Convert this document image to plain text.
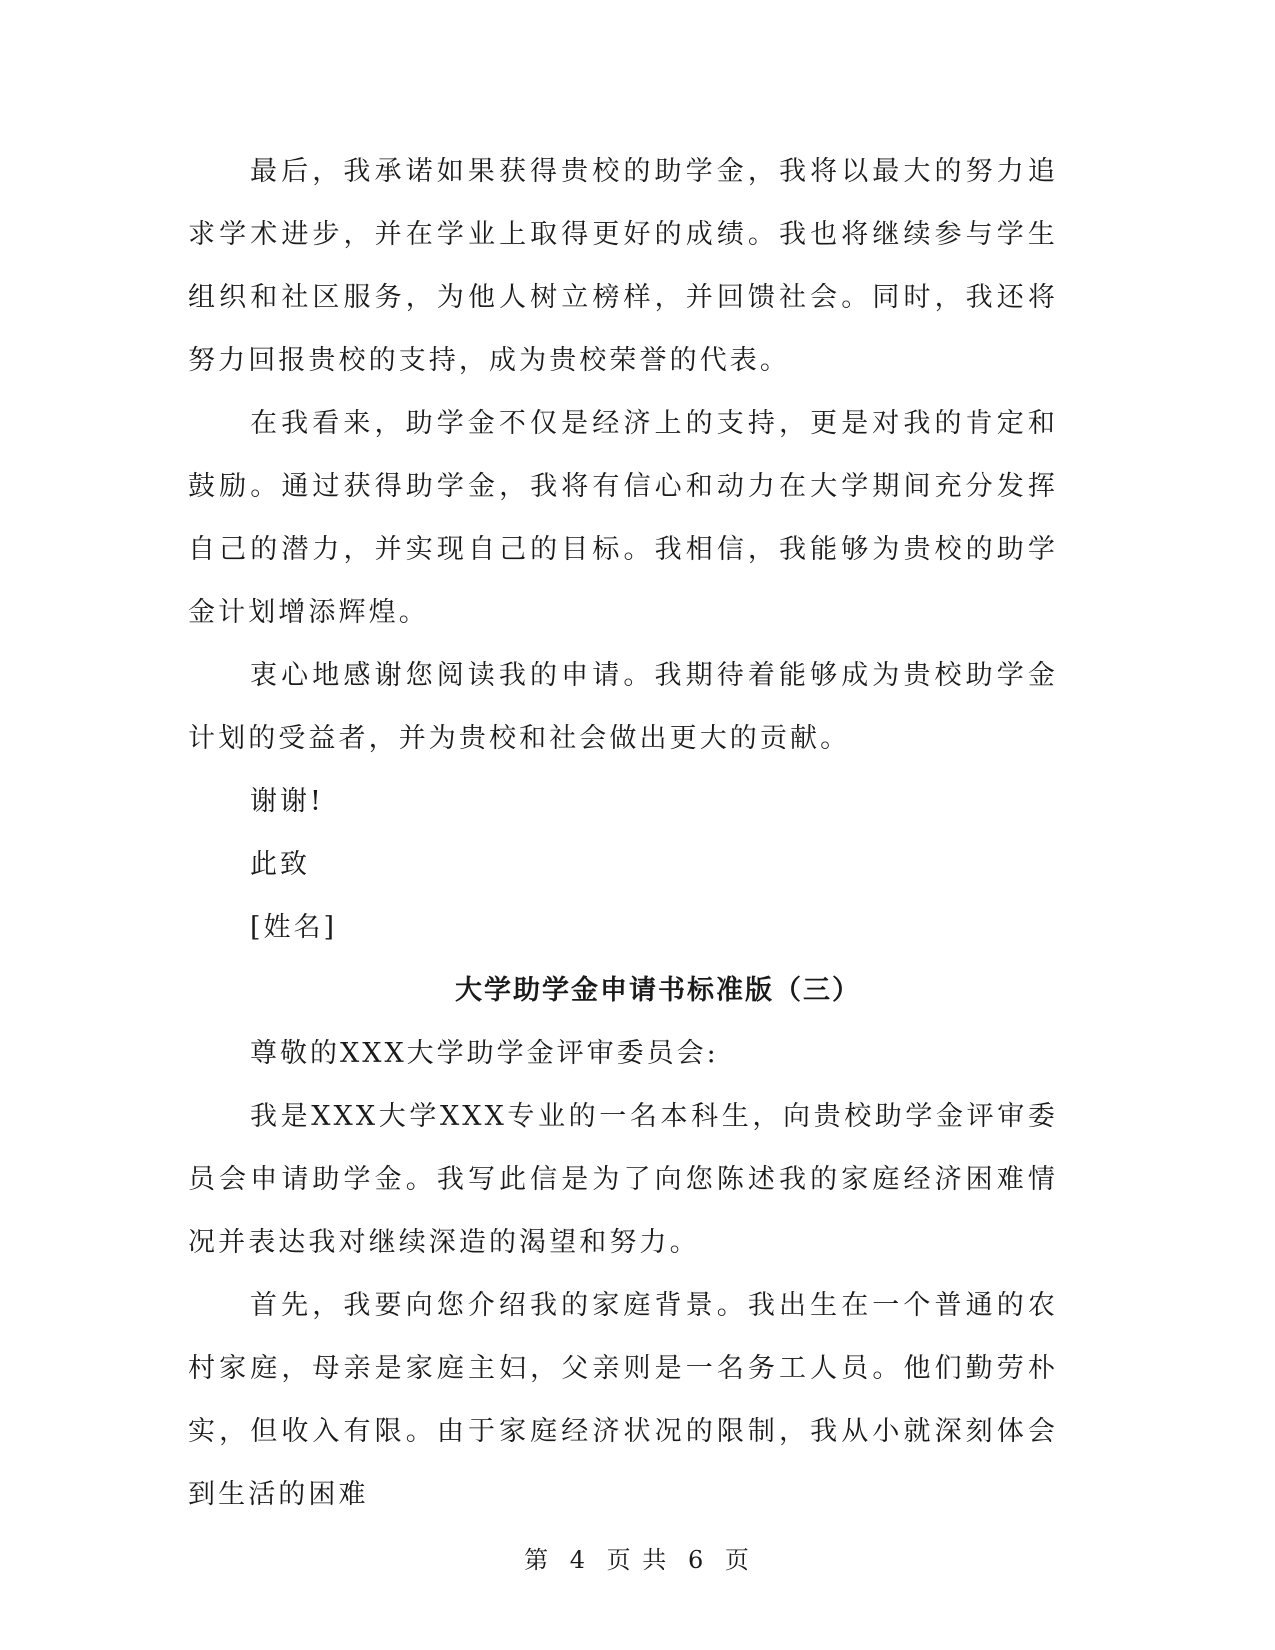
最后，我承诺如果获得贵校的助学金，我将以最大的努力追求学术进步，并在学业上取得更好的成绩。我也将继续参与学生组织和社区服务，为他人树立榜样，并回馈社会。同时，我还将努力回报贵校的支持，成为贵校荣誉的代表。

在我看来，助学金不仅是经济上的支持，更是对我的肯定和鼓励。通过获得助学金，我将有信心和动力在大学期间充分发挥自己的潜力，并实现自己的目标。我相信，我能够为贵校的助学金计划增添辉煌。

衷心地感谢您阅读我的申请。我期待着能够成为贵校助学金计划的受益者，并为贵校和社会做出更大的贡献。

谢谢!

此致

[姓名]

大学助学金申请书标准版（三）

尊敬的XXX大学助学金评审委员会:

我是XXX大学XXX专业的一名本科生，向贵校助学金评审委员会申请助学金。我写此信是为了向您陈述我的家庭经济困难情况并表达我对继续深造的渴望和努力。

首先，我要向您介绍我的家庭背景。我出生在一个普通的农村家庭，母亲是家庭主妇，父亲则是一名务工人员。他们勤劳朴实，但收入有限。由于家庭经济状况的限制，我从小就深刻体会到生活的困难

第 4 页 共 6 页
